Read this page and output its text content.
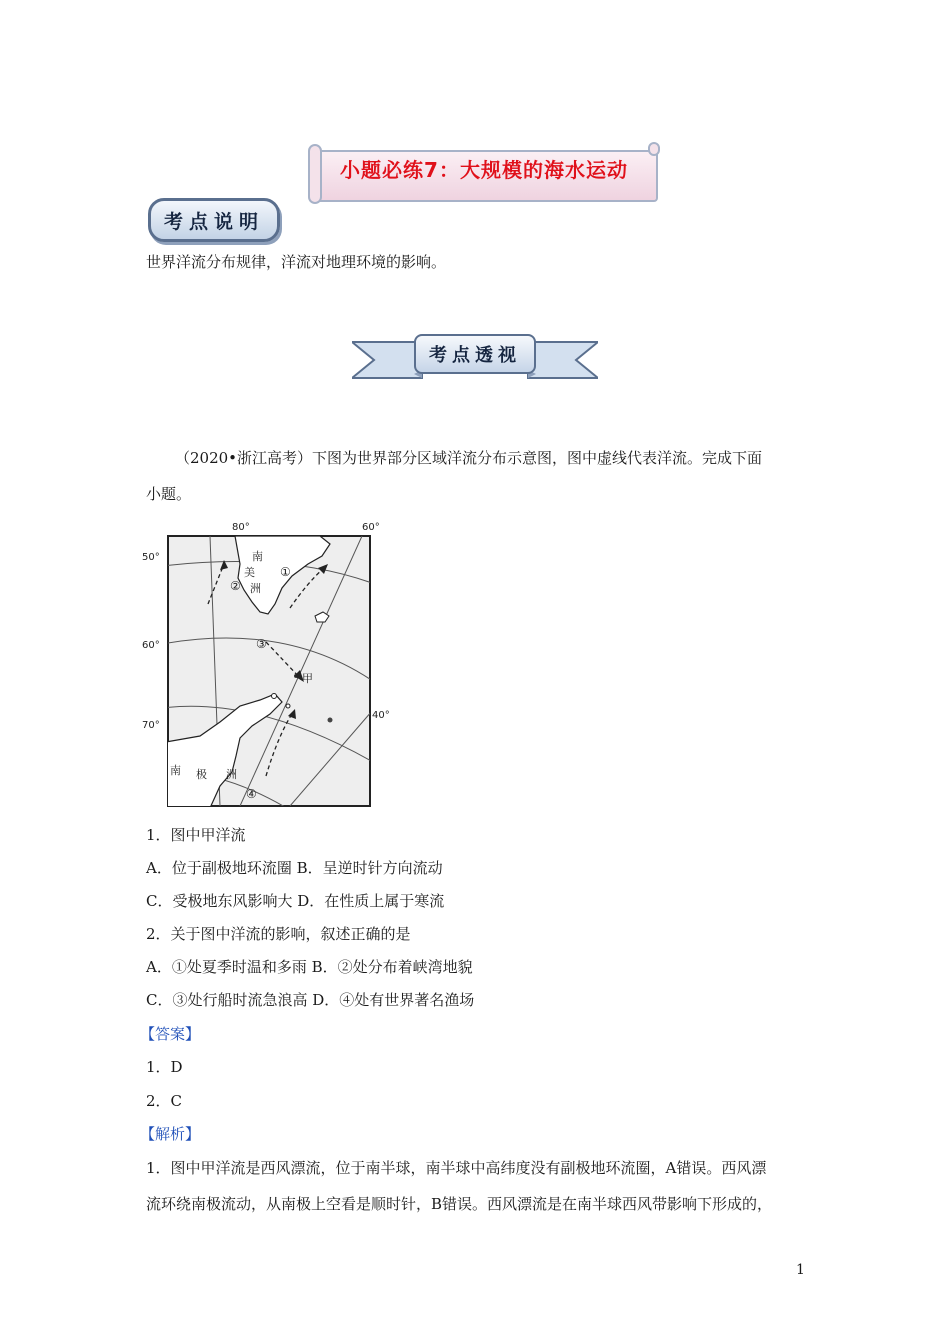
小题必练7：大规模的海水运动
考点说明
世界洋流分布规律，洋流对地理环境的影响。
考点透视
（2020•浙江高考）下图为世界部分区域洋流分布示意图，图中虚线代表洋流。完成下面
小题。
80°	60°
40°
50°
60°
70°
南
美
洲
南 极 洲
甲
①
②
③
④
1．图中甲洋流
A．位于副极地环流圈 B．呈逆时针方向流动
C．受极地东风影响大 D．在性质上属于寒流
2．关于图中洋流的影响，叙述正确的是
A．①处夏季时温和多雨 B．②处分布着峡湾地貌
C．③处行船时流急浪高 D．④处有世界著名渔场
【答案】
1．D
2．C
【解析】
1．图中甲洋流是西风漂流，位于南半球，南半球中高纬度没有副极地环流圈，A错误。西风漂
流环绕南极流动，从南极上空看是顺时针，B错误。西风漂流是在南半球西风带影响下形成的，
1
